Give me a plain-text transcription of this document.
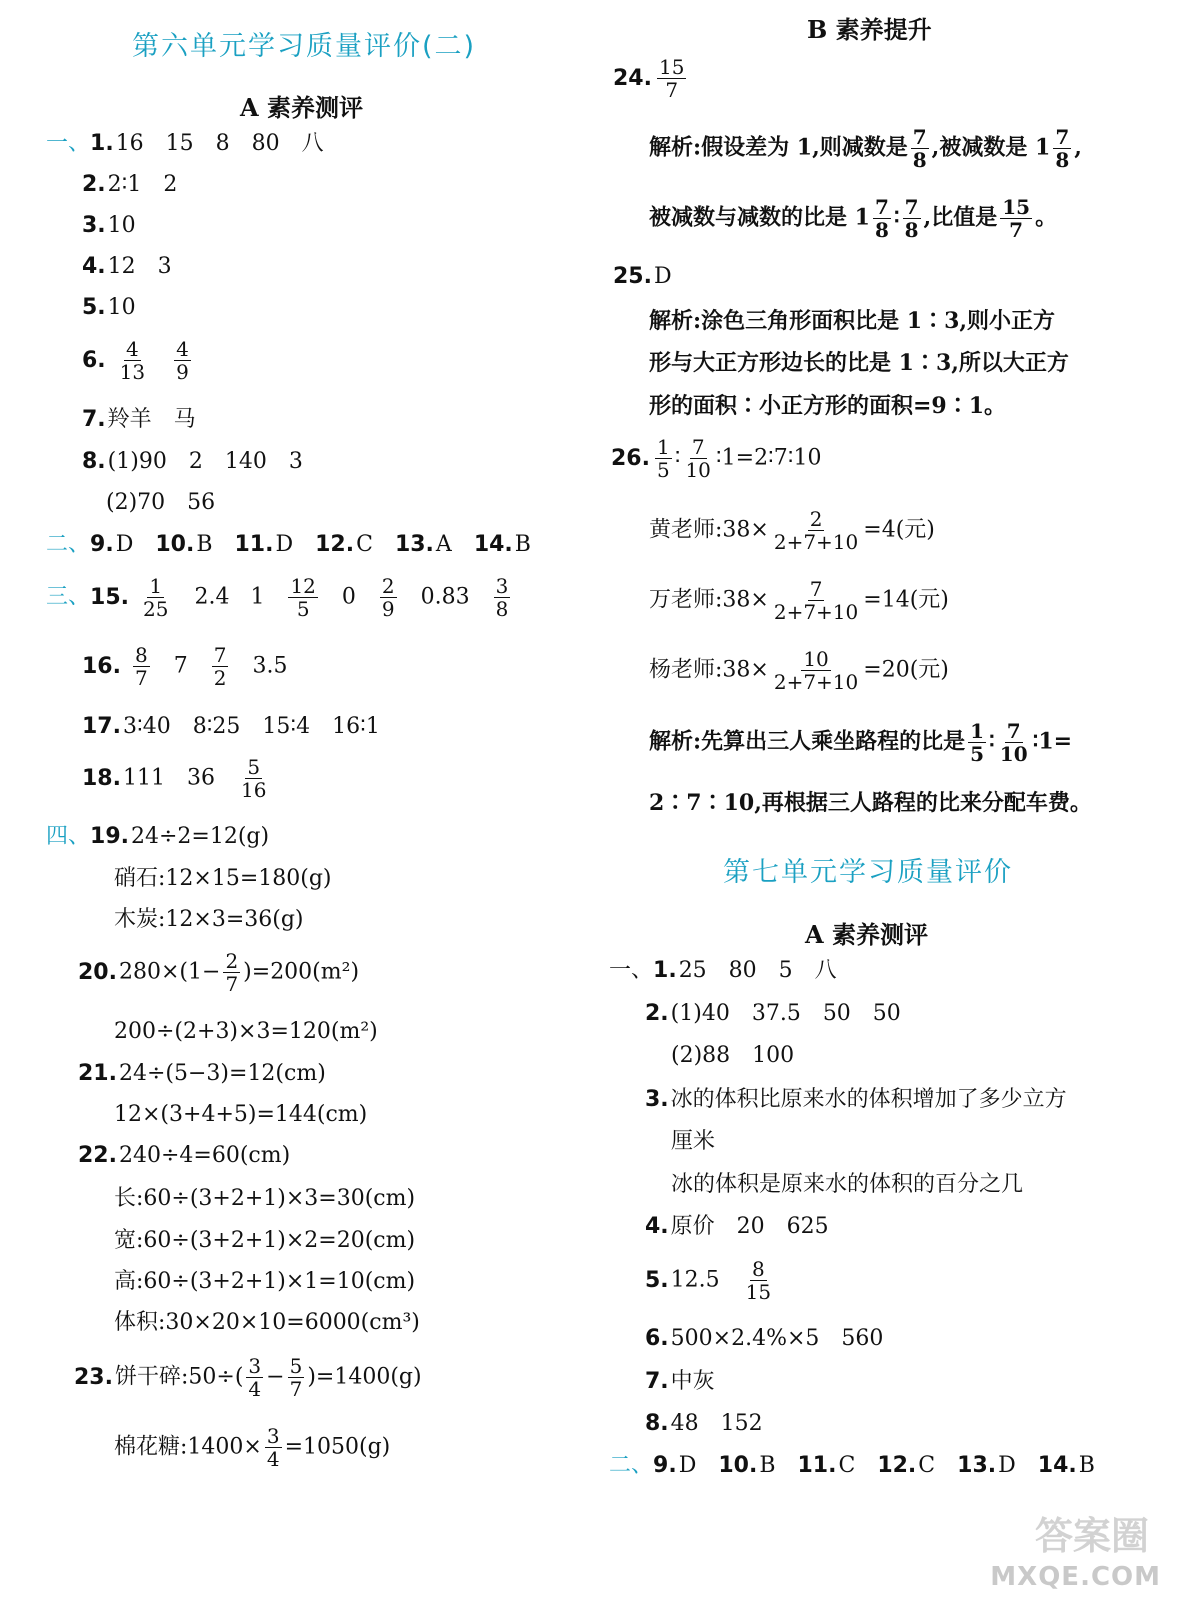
第六单元学习质量评价(二)
A 素养测评
一、1.16　15　8　80　八
2.2∶1　2
3.10
4.12　3
5.10
6. $\frac{4}{13}$
$\frac{4}{9}$
7.羚羊　马
8.(1)90　2　140　3
(2)70　56
二、9.D 10.B 11.D 12.C 13.A 14.B
三、15. $\frac{1}{25} 2.4$ $1 \frac{12}{5} 0 \frac{2}{9} 0.83 \frac{3}{8}$
16. $\frac{8}{7} 7 \frac{7}{2} 3.5$
17.3∶40　8∶25　15∶4　16∶1
18.111　$36 \frac{5}{16}$
四、19.24÷2=12(g)
硝石:12×15=180(g)
木炭:12×3=36(g)
$20.280\times(1- \frac{2}{7} )=200(m^2)$
200÷(2+3)×3=120(m²)
21.24÷(5−3)=12(cm)
12×(3+4+5)=144(cm)
22.240÷4=60(cm)
长:60÷(3+2+1)×3=30(cm)
宽:60÷(3+2+1)×2=20(cm)
高:60÷(3+2+1)×1=10(cm)
体积:30×20×10=6000(cm³)
23.饼干碎:50÷( $\frac{3}{4} - \frac{5}{7} )=1400(g)$
棉花糖:1400× $\frac{3}{4} =1050(g)$
B 素养提升
24. $\frac{15}{7}$
解析:假设差为 1,则减数是 $\frac{7}{8}$ ,被减数是 $1 \frac{7}{8}$ ,
被减数与减数的比是 $1 \frac{7}{8}$ ∶ $\frac{7}{8}$ ,比值是 $\frac{15}{7}$ 。
25.D
解析:涂色三角形面积比是 1∶3,则小正方
形与大正方形边长的比是 1∶3,所以大正方
形的面积∶小正方形的面积=9∶1。
26. $\frac{1}{5}$ ∶ $\frac{7}{10}$ ∶1=2∶7∶10
黄老师:38× $\frac{2}{2+7+10} =4$(元)
万老师:38× $\frac{7}{2+7+10} =14$(元)
杨老师:38× $\frac{10}{2+7+10} =20$(元)
解析:先算出三人乘坐路程的比是 $\frac{1}{5}$ ∶ $\frac{7}{10}$ ∶1=
2∶7∶10,再根据三人路程的比来分配车费。
第七单元学习质量评价
A 素养测评
一、1.25　80　5　八
2.(1)40　37.5　50　50
(2)88　100
3.冰的体积比原来水的体积增加了多少立方
厘米
冰的体积是原来水的体积的百分之几
4.原价　20　625
$5.12.5 \frac{8}{15}$
6.500×2.4%×5　560
7.中灰
8.48　152
二、9.D 10.B 11.C 12.C 13.D 14.B
答案圈
MXQE.COM
